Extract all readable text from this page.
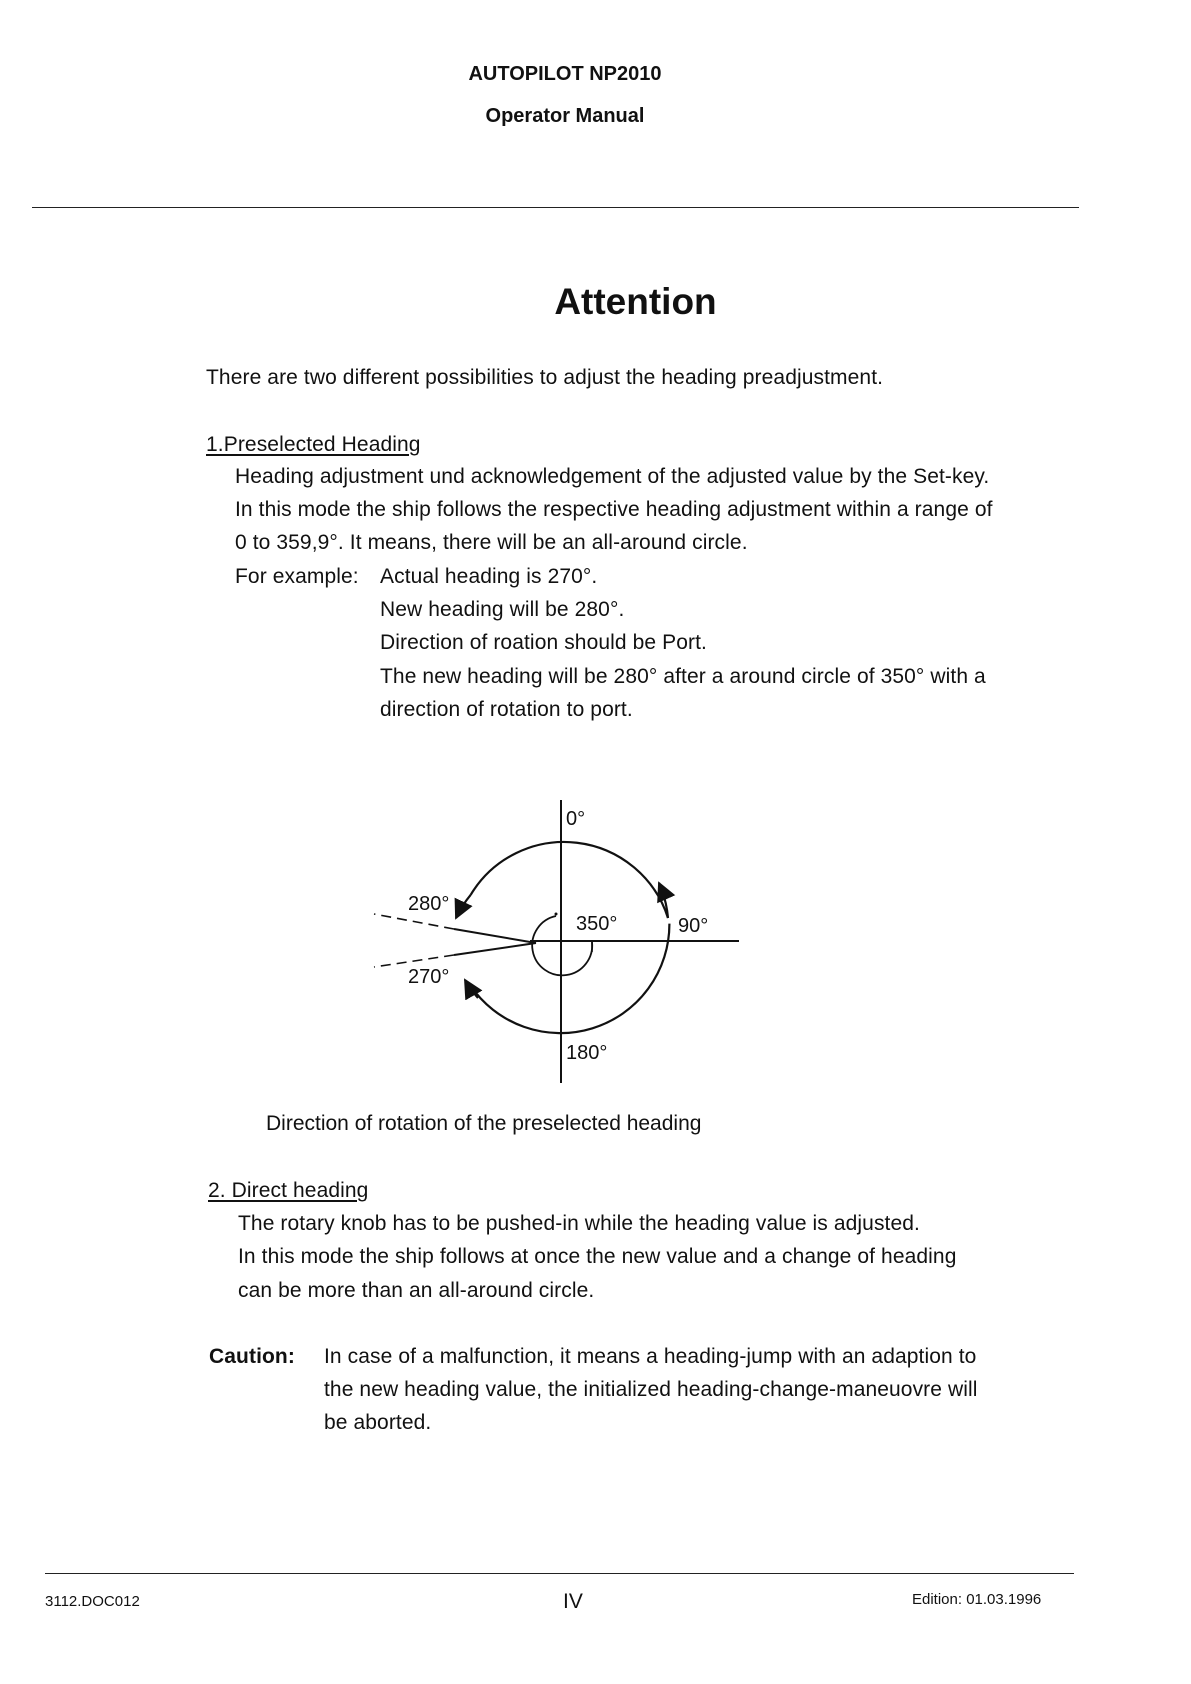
AUTOPILOT NP2010
Operator Manual
Attention
There are two different possibilities to adjust the heading preadjustment.
1.Preselected Heading
Heading adjustment und acknowledgement of the adjusted value by the Set-key.
In this mode the ship follows the respective heading adjustment within a range of
0 to 359,9°. It means, there will be an all-around circle.
For example: Actual heading is 270°.
New heading will be 280°.
Direction of roation should be Port.
The new heading will be 280° after a around circle of 350° with a
direction of rotation to port.
0°
90°
180°
280°
270°
350°
Direction of rotation of the preselected heading
2. Direct heading
The rotary knob has to be pushed-in while the heading value is adjusted.
In this mode the ship follows at once the new value and a change of heading
can be more than an all-around circle.
Caution: In case of a malfunction, it means a heading-jump with an adaption to
the new heading value, the initialized heading-change-maneuovre will
be aborted.
3112.DOC012	IV	Edition: 01.03.1996
